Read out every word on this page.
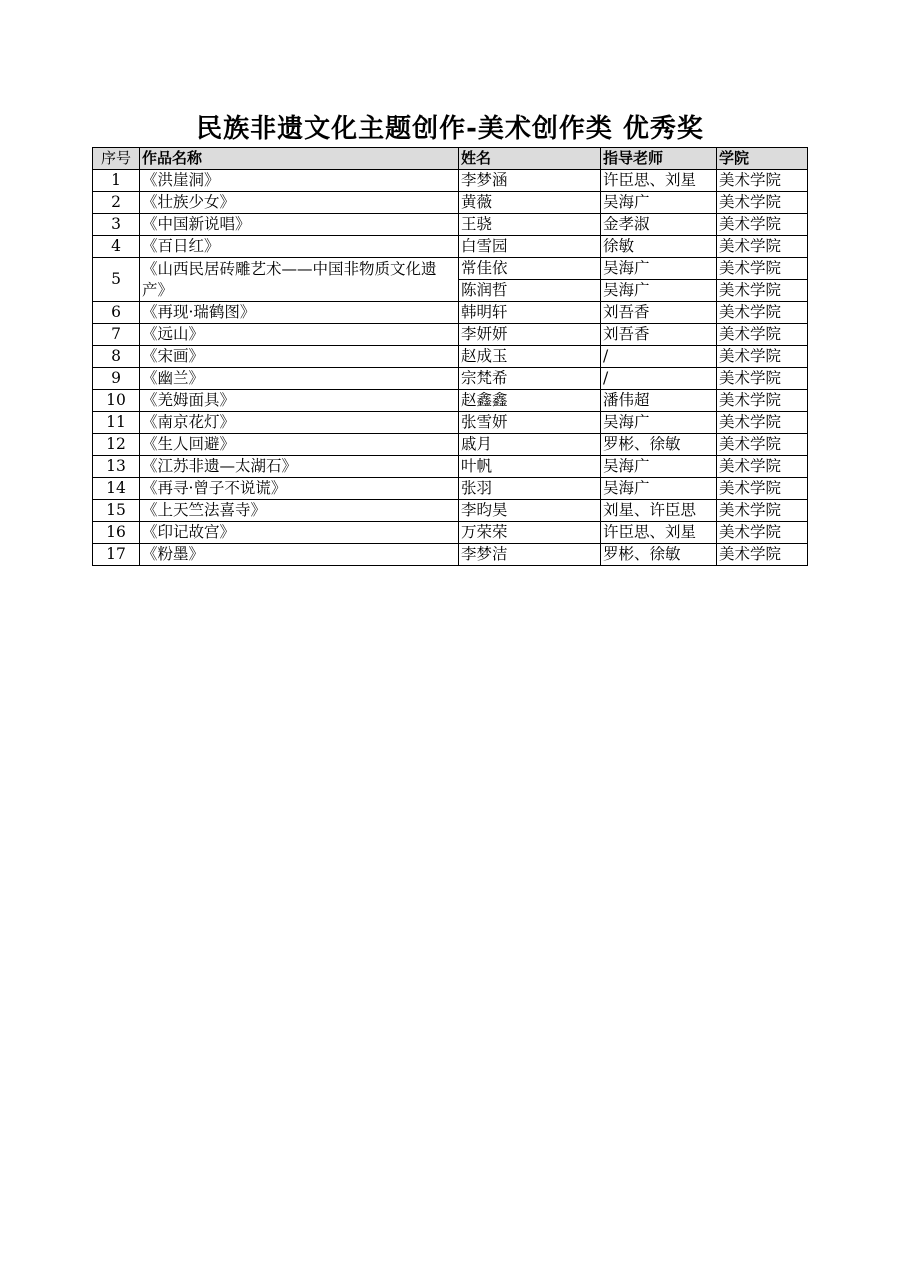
民族非遗文化主题创作-美术创作类 优秀奖
序号	作品名称	姓名	指导老师	学院
1	《洪崖洞》	李梦涵	许臣思、刘星	美术学院
2	《壮族少女》	黄薇	吴海广	美术学院
3	《中国新说唱》	王骁	金孝淑	美术学院
4	《百日红》	白雪园	徐敏	美术学院
5	《山西民居砖雕艺术——中国非物质文化遗产》	常佳依	吴海广	美术学院
		陈润哲	吴海广	美术学院
6	《再现·瑞鹤图》	韩明轩	刘吾香	美术学院
7	《远山》	李妍妍	刘吾香	美术学院
8	《宋画》	赵成玉	/	美术学院
9	《幽兰》	宗梵希	/	美术学院
10	《羌姆面具》	赵鑫鑫	潘伟超	美术学院
11	《南京花灯》	张雪妍	吴海广	美术学院
12	《生人回避》	戚月	罗彬、徐敏	美术学院
13	《江苏非遗—太湖石》	叶帆	吴海广	美术学院
14	《再寻·曾子不说谎》	张羽	吴海广	美术学院
15	《上天竺法喜寺》	李昀昊	刘星、许臣思	美术学院
16	《印记故宫》	万荣荣	许臣思、刘星	美术学院
17	《粉墨》	李梦洁	罗彬、徐敏	美术学院
